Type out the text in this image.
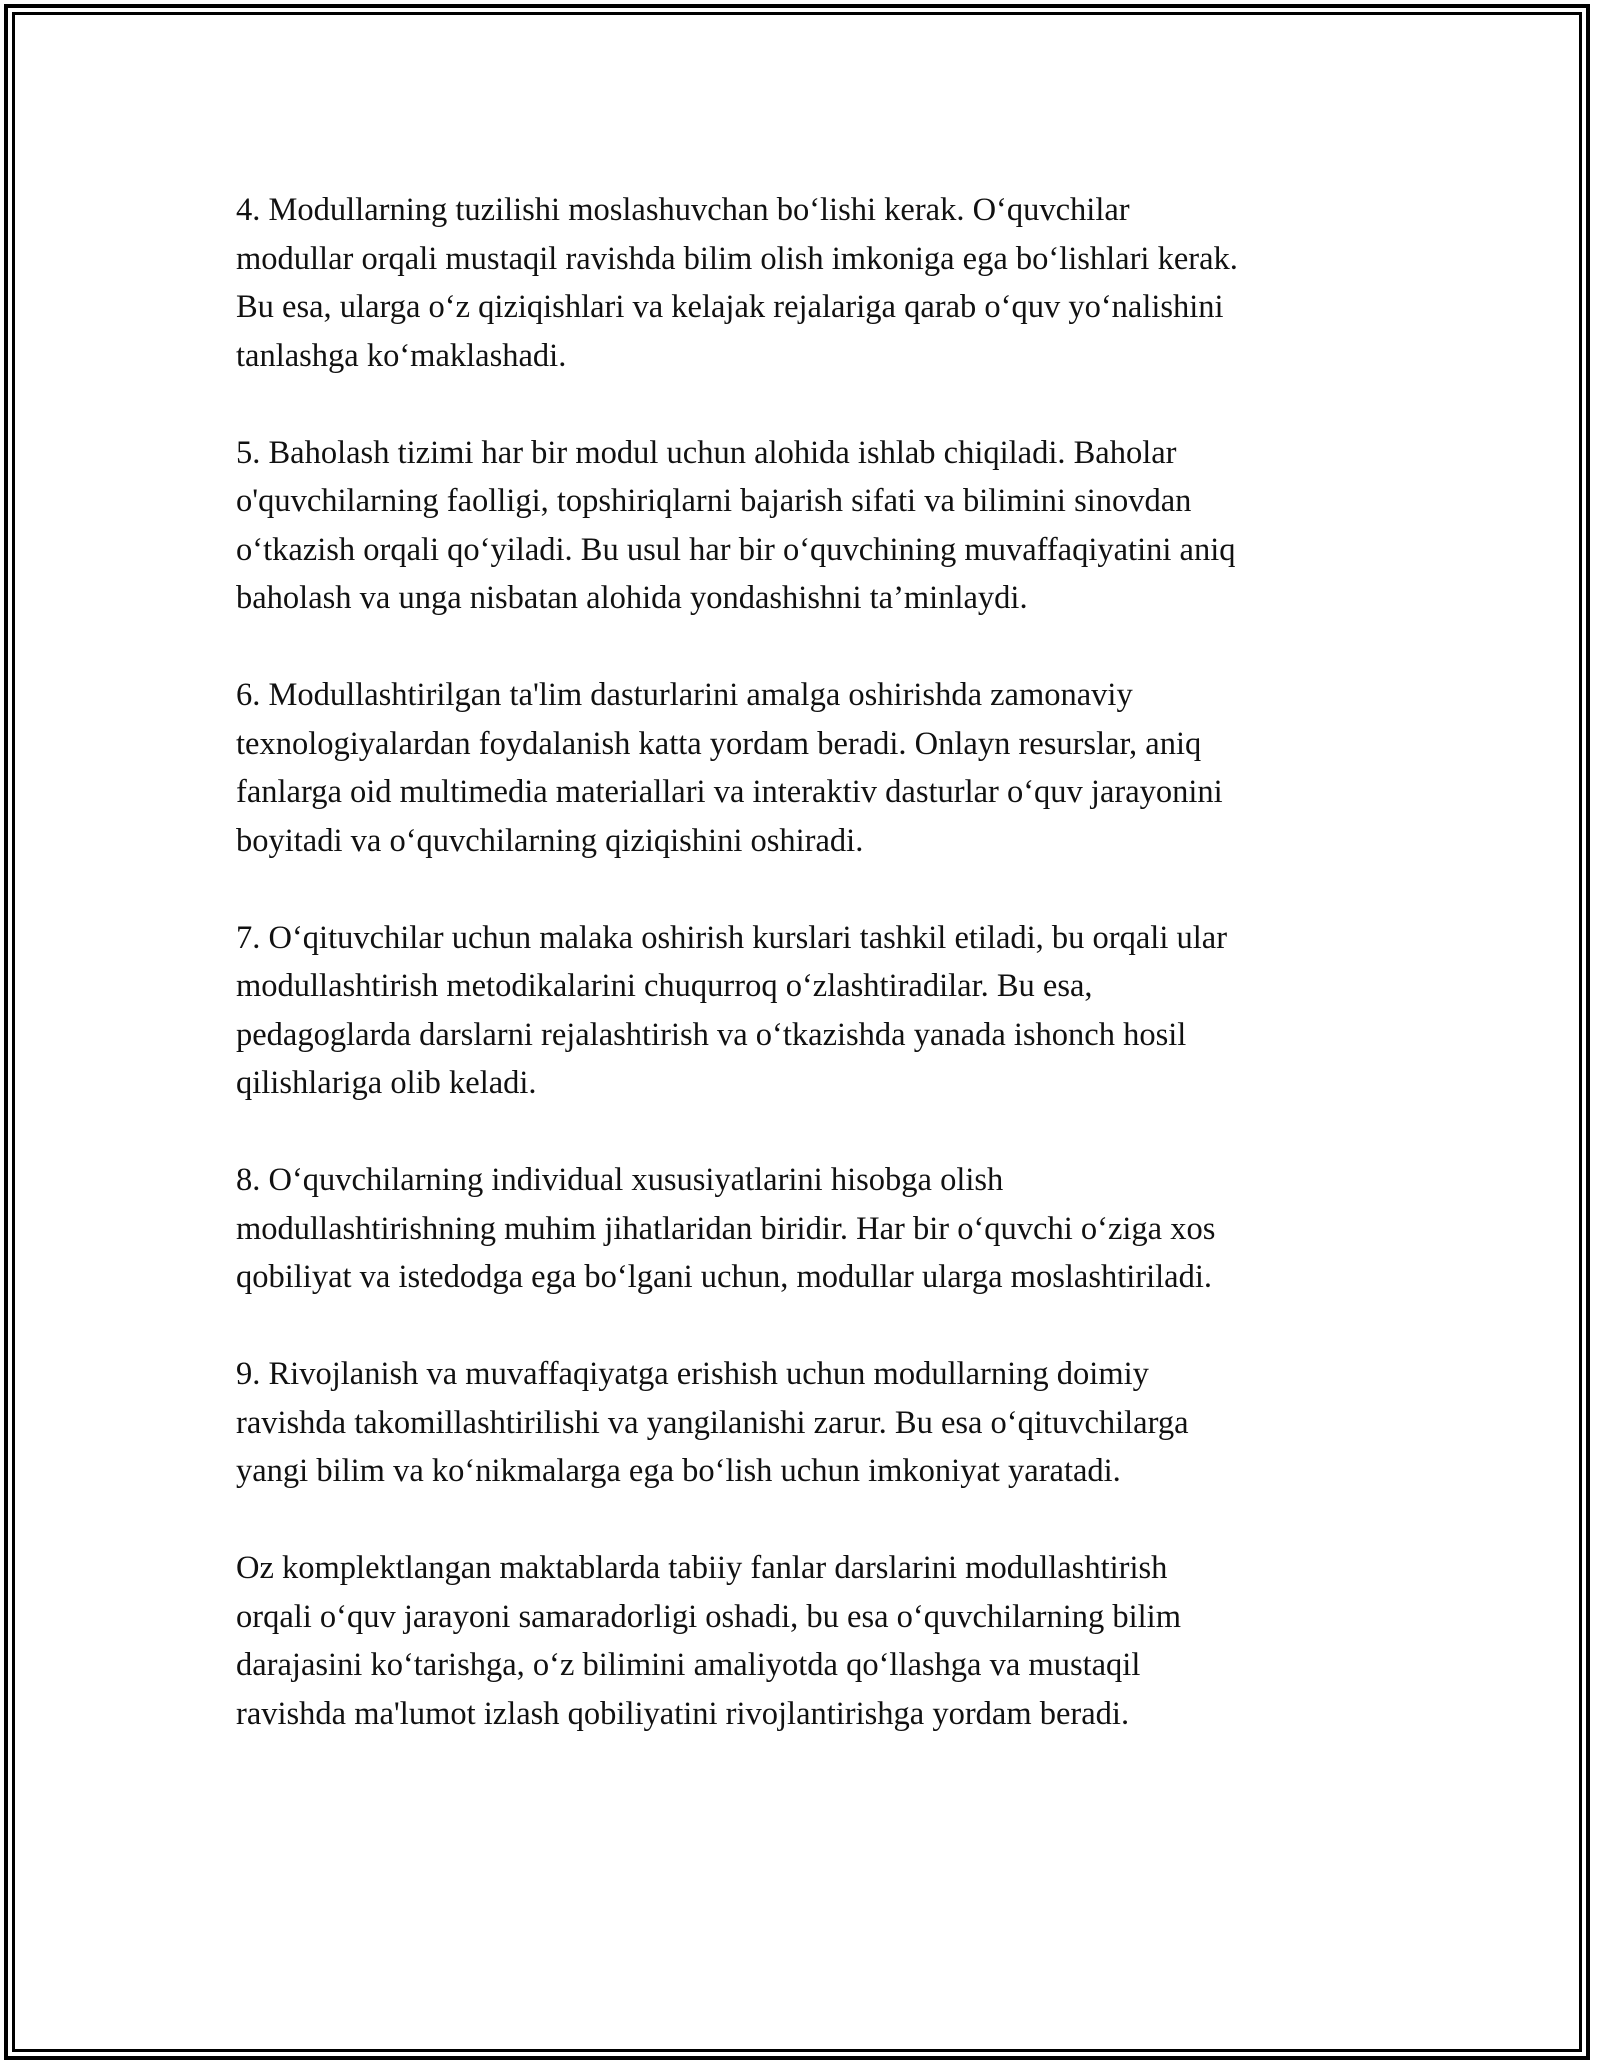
4. Modullarning tuzilishi moslashuvchan bo‘lishi kerak. O‘quvchilar
modullar orqali mustaqil ravishda bilim olish imkoniga ega bo‘lishlari kerak.
Bu esa, ularga o‘z qiziqishlari va kelajak rejalariga qarab o‘quv yo‘nalishini
tanlashga ko‘maklashadi.

5. Baholash tizimi har bir modul uchun alohida ishlab chiqiladi. Baholar
o'quvchilarning faolligi, topshiriqlarni bajarish sifati va bilimini sinovdan
o‘tkazish orqali qo‘yiladi. Bu usul har bir o‘quvchining muvaffaqiyatini aniq
baholash va unga nisbatan alohida yondashishni ta’minlaydi.

6. Modullashtirilgan ta'lim dasturlarini amalga oshirishda zamonaviy
texnologiyalardan foydalanish katta yordam beradi. Onlayn resurslar, aniq
fanlarga oid multimedia materiallari va interaktiv dasturlar o‘quv jarayonini
boyitadi va o‘quvchilarning qiziqishini oshiradi.

7. O‘qituvchilar uchun malaka oshirish kurslari tashkil etiladi, bu orqali ular
modullashtirish metodikalarini chuqurroq o‘zlashtiradilar. Bu esa,
pedagoglarda darslarni rejalashtirish va o‘tkazishda yanada ishonch hosil
qilishlariga olib keladi.

8. O‘quvchilarning individual xususiyatlarini hisobga olish
modullashtirishning muhim jihatlaridan biridir. Har bir o‘quvchi o‘ziga xos
qobiliyat va istedodga ega bo‘lgani uchun, modullar ularga moslashtiriladi.

9. Rivojlanish va muvaffaqiyatga erishish uchun modullarning doimiy
ravishda takomillashtirilishi va yangilanishi zarur. Bu esa o‘qituvchilarga
yangi bilim va ko‘nikmalarga ega bo‘lish uchun imkoniyat yaratadi.

Oz komplektlangan maktablarda tabiiy fanlar darslarini modullashtirish
orqali o‘quv jarayoni samaradorligi oshadi, bu esa o‘quvchilarning bilim
darajasini ko‘tarishga, o‘z bilimini amaliyotda qo‘llashga va mustaqil
ravishda ma'lumot izlash qobiliyatini rivojlantirishga yordam beradi.
